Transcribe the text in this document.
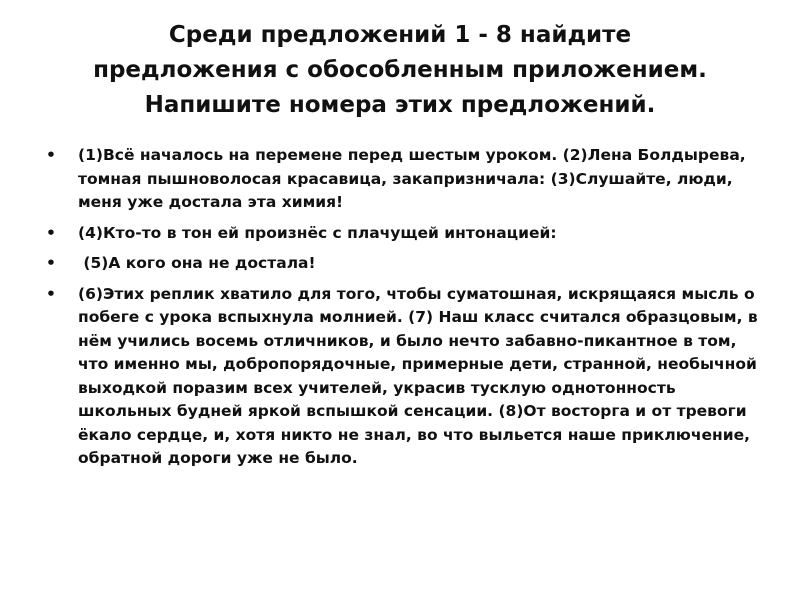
Среди предложений 1 - 8 найдите
предложения с обособленным приложением.
Напишите номера этих предложений.
• (1)Всё началось на перемене перед шестым уроком. (2)Лена Болдырева, томная пышноволосая красавица, закапризничала: (3)Слушайте, люди, меня уже достала эта химия!
• (4)Кто-то в тон ей произнёс с плачущей интонацией:
• (5)А кого она не достала!
• (6)Этих реплик хватило для того, чтобы суматошная, искрящаяся мысль о побеге с урока вспыхнула молнией. (7) Наш класс считался образцовым, в нём учились восемь отличников, и было нечто забавно-пикантное в том, что именно мы, добропорядочные, примерные дети, странной, необычной выходкой поразим всех учителей, украсив тусклую однотонность школьных будней яркой вспышкой сенсации. (8)От восторга и от тревоги ёкало сердце, и, хотя никто не знал, во что выльется наше приключение, обратной дороги уже не было.
